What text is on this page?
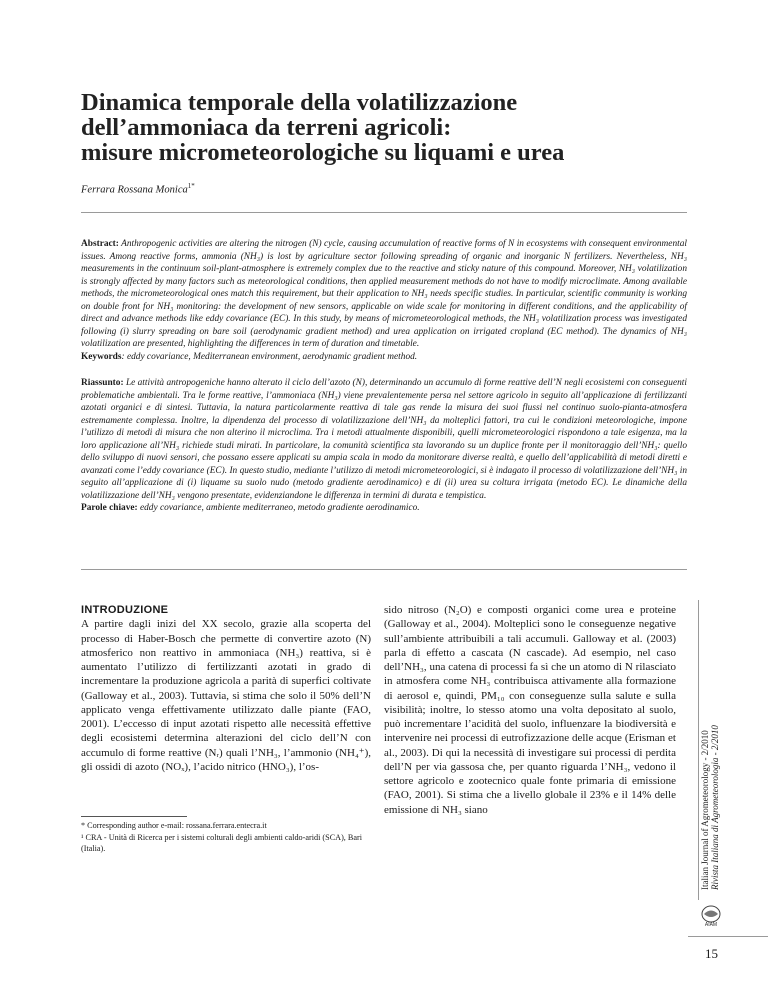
Dinamica temporale della volatilizzazione
dell’ammoniaca da terreni agricoli:
misure micrometeorologiche su liquami e urea
Ferrara Rossana Monica$^{1*}$
Abstract: Anthropogenic activities are altering the nitrogen (N) cycle, causing accumulation of reactive forms of N in ecosystems with consequent environmental issues. Among reactive forms, ammonia (NH₃) is lost by agriculture sector following spreading of organic and inorganic N fertilizers. Nevertheless, NH₃ measurements in the continuum soil-plant-atmosphere is extremely complex due to the reactive and sticky nature of this compound. Moreover, NH₃ volatilization is strongly affected by many factors such as meteorological conditions, then applied measurement methods do not have to modify microclimate. Among available methods, the micrometeorological ones match this requirement, but their application to NH₃ needs specific studies. In particular, scientific community is working on double front for NH₃ monitoring: the development of new sensors, applicable on wide scale for monitoring in different conditions, and the applicability of direct and advance methods like eddy covariance (EC). In this study, by means of micrometeorological methods, the NH₃ volatilization process was investigated following (i) slurry spreading on bare soil (aerodynamic gradient method) and urea application on irrigated cropland (EC method). The dynamics of NH₃ volatilization are presented, highlighting the differences in term of duration and timetable.
Keywords: eddy covariance, Mediterranean environment, aerodynamic gradient method.
Riassunto: Le attività antropogeniche hanno alterato il ciclo dell’azoto (N), determinando un accumulo di forme reattive dell’N negli ecosistemi con conseguenti problematiche ambientali. Tra le forme reattive, l’ammoniaca (NH₃) viene prevalentemente persa nel settore agricolo in seguito all’applicazione di fertilizzanti azotati organici e di sintesi. Tuttavia, la natura particolarmente reattiva di tale gas rende la misura dei suoi flussi nel continuo suolo-pianta-atmosfera estremamente complessa. Inoltre, la dipendenza del processo di volatilizzazione dell’NH₃ da molteplici fattori, tra cui le condizioni meteorologiche, impone l’utilizzo di metodi di misura che non alterino il microclima. Tra i metodi attualmente disponibili, quelli micrometeorologici rispondono a tale esigenza, ma la loro applicazione all’NH₃ richiede studi mirati. In particolare, la comunità scientifica sta lavorando su un duplice fronte per il monitoraggio dell’NH₃: quello dello sviluppo di nuovi sensori, che possano essere applicati su ampia scala in modo da monitorare diverse realtà, e quello dell’applicabilità di metodi diretti e avanzati come l’eddy covariance (EC). In questo studio, mediante l’utilizzo di metodi micrometeorologici, si è indagato il processo di volatilizzazione dell’NH₃ in seguito all’applicazione di (i) liquame su suolo nudo (metodo gradiente aerodinamico) e di (ii) urea su coltura irrigata (metodo EC). Le dinamiche della volatilizzazione dell’NH₃ vengono presentate, evidenziandone le differenza in termini di durata e tempistica.
Parole chiave: eddy covariance, ambiente mediterraneo, metodo gradiente aerodinamico.
INTRODUZIONE
A partire dagli inizi del XX secolo, grazie alla scoperta del processo di Haber-Bosch che permette di convertire azoto (N) atmosferico non reattivo in ammoniaca (NH₃) reattiva, si è aumentato l’utilizzo di fertilizzanti azotati in grado di incrementare la produzione agricola a parità di superfici coltivate (Galloway et al., 2003). Tuttavia, si stima che solo il 50% dell’N applicato venga effettivamente utilizzato dalle piante (FAO, 2001). L’eccesso di input azotati rispetto alle necessità effettive degli ecosistemi determina alterazioni del ciclo dell’N con accumulo di forme reattive (Nᵣ) quali l’NH₃, l’ammonio (NH₄⁺), gli ossidi di azoto (NOₓ), l’acido nitrico (HNO₃), l’os-
sido nitroso (N₂O) e composti organici come urea e proteine (Galloway et al., 2004). Molteplici sono le conseguenze negative sull’ambiente attribuibili a tali accumuli. Galloway et al. (2003) parla di effetto a cascata (N cascade). Ad esempio, nel caso dell’NH₃, una catena di processi fa sì che un atomo di N rilasciato in atmosfera come NH₃ contribuisca attivamente alla formazione di aerosol e, quindi, PM₁₀ con conseguenze sulla salute e sulla visibilità; inoltre, lo stesso atomo una volta depositato al suolo, può incrementare l’acidità del suolo, influenzare la biodiversità e intervenire nei processi di eutrofizzazione delle acque (Erisman et al., 2003). Di qui la necessità di investigare sui processi di perdita dell’N per via gassosa che, per quanto riguarda l’NH₃, vedono il settore agricolo e zootecnico quale fonte primaria di emissione (FAO, 2001). Si stima che a livello globale il 23% e il 14% delle emissione di NH₃ siano
* Corresponding author e-mail: rossana.ferrara.entecra.it
¹ CRA - Unità di Ricerca per i sistemi colturali degli ambienti caldo-aridi (SCA), Bari (Italia).	Italian Journal of Agrometeorology - 2/2010 Rivista Italiana di Agrometeorologia - 2/2010
AIAM
15
